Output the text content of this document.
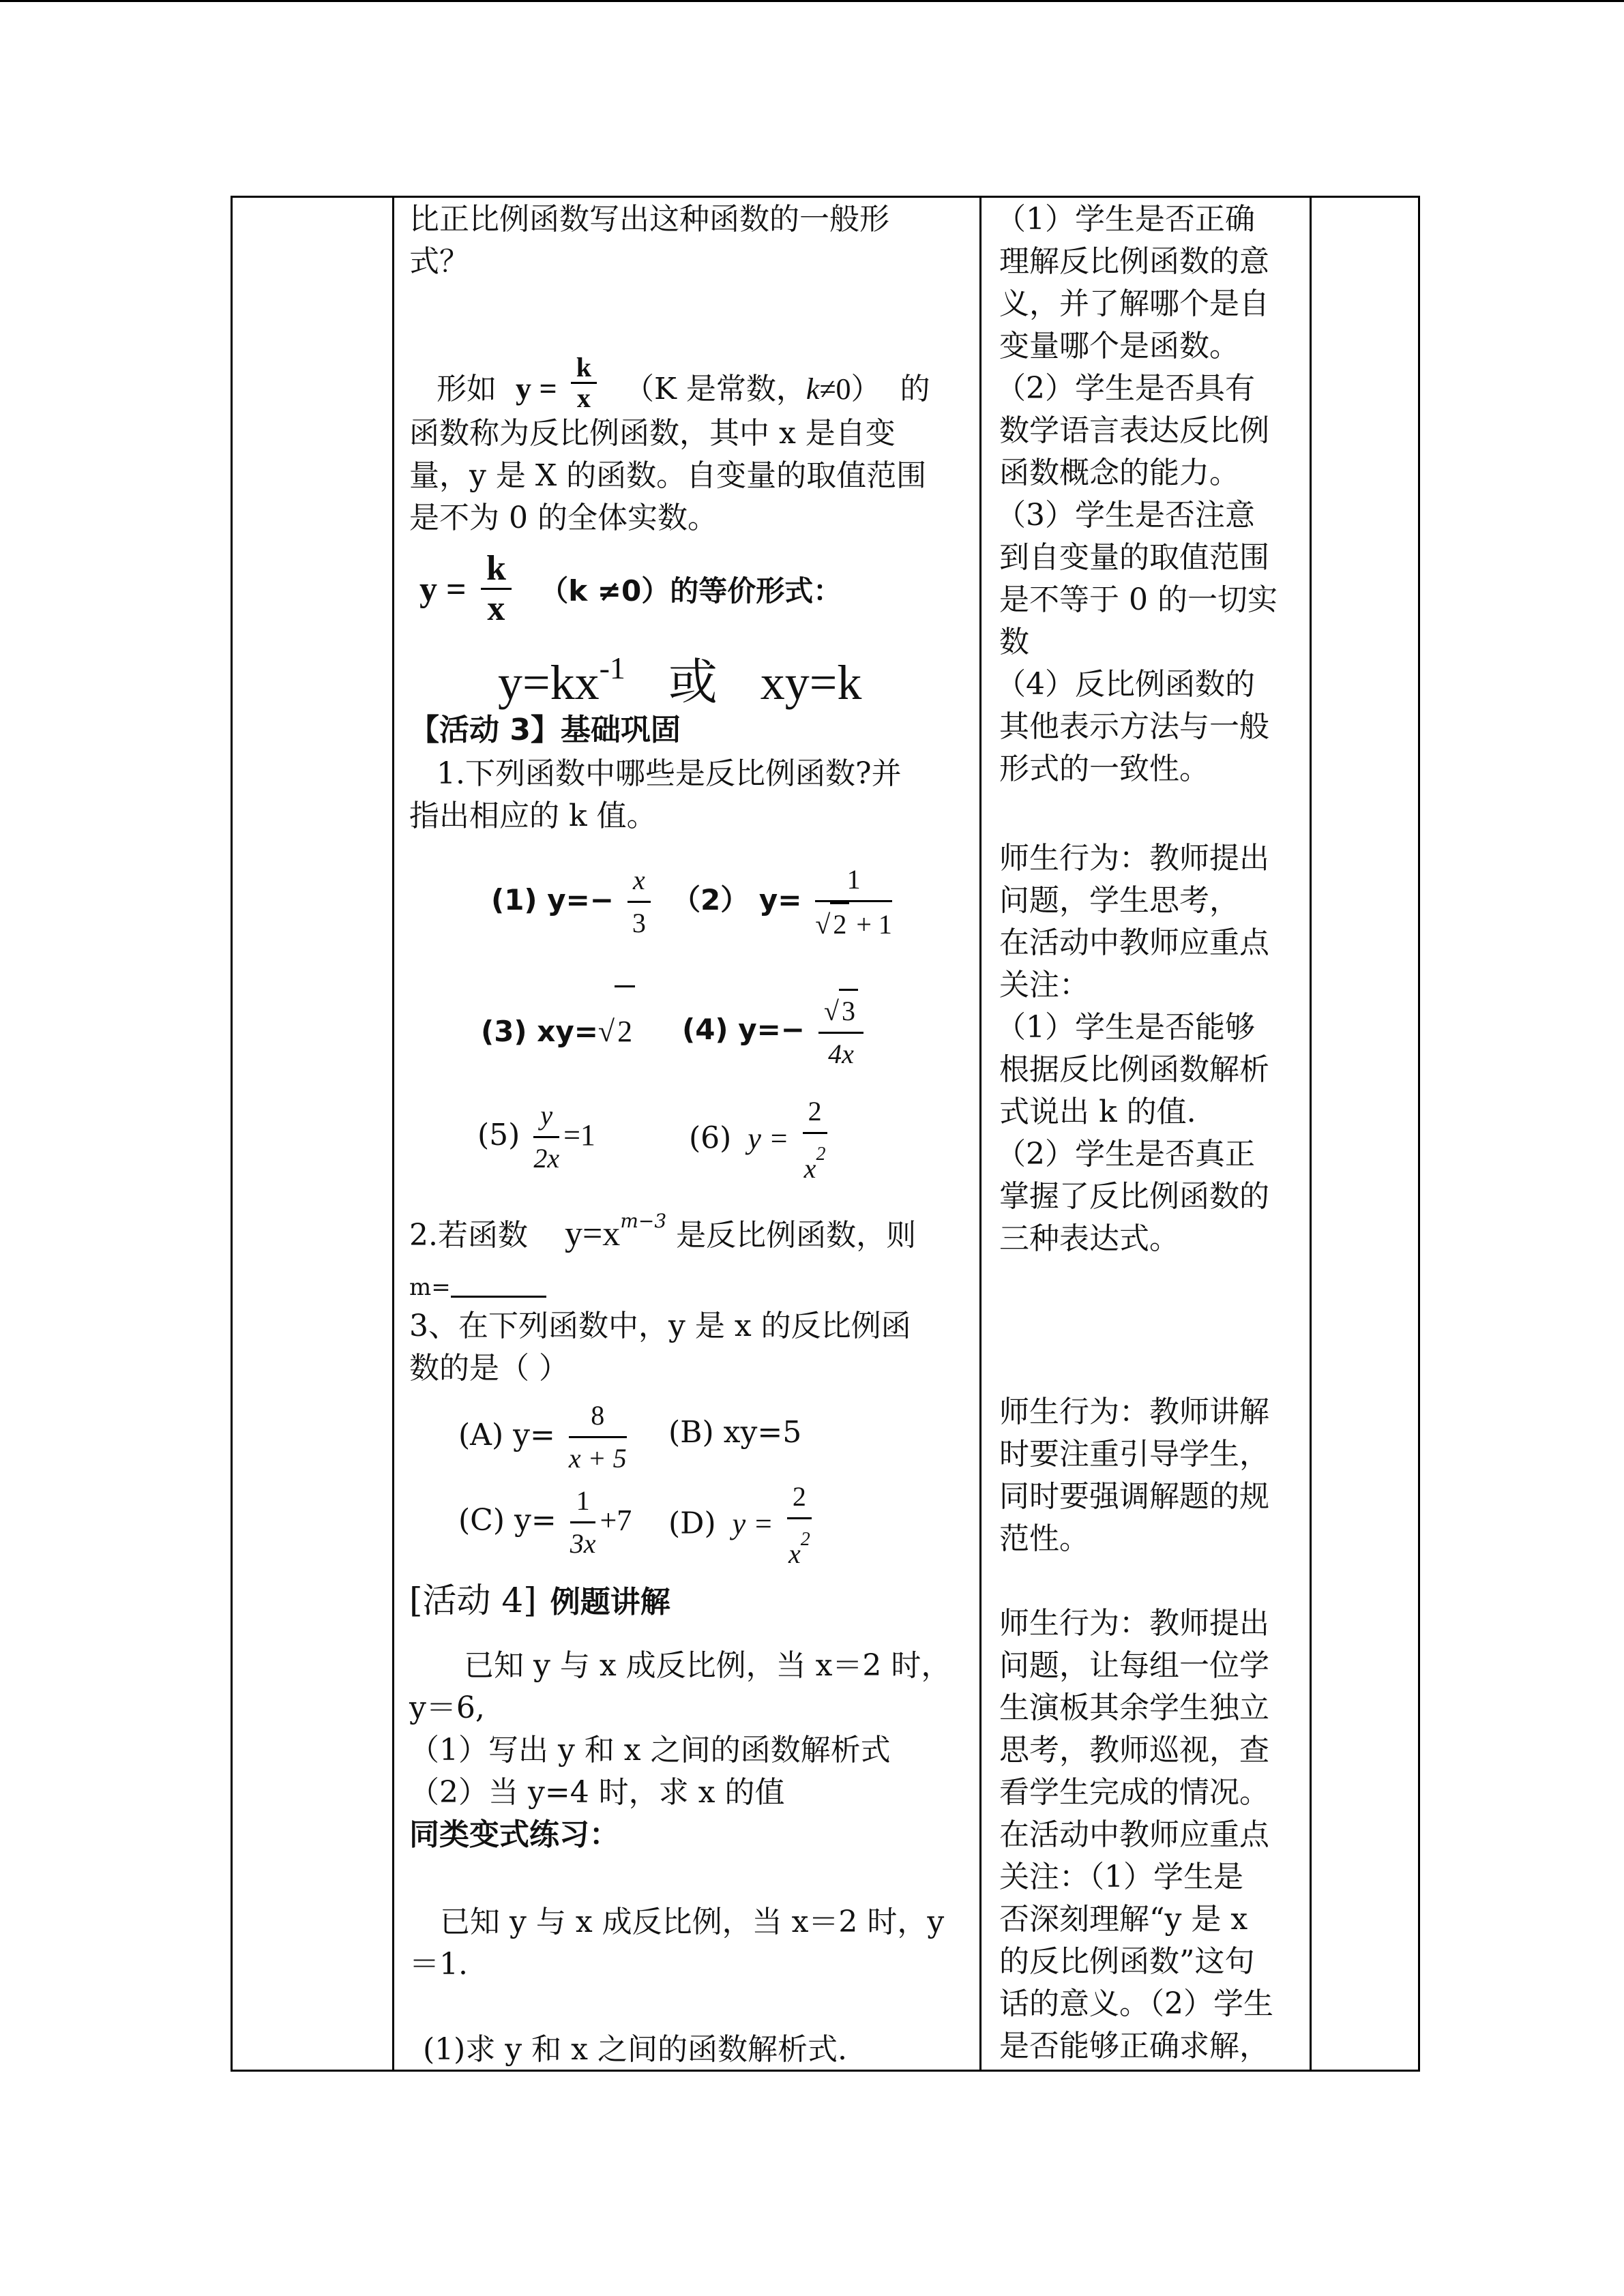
比正比例函数写出这种函数的一般形
式？
形如 $y = \frac{k}{x} (K$ 是常数，k≠0） 的
函数称为反比例函数，其中 x 是自变
量，y 是 X 的函数。自变量的取值范围
是不为 0 的全体实数。
$y = \frac{k}{x} (k \ne 0)$的等价形式：
$y=kx^{-1}$ 或 xy=k
【活动 3】基础巩固
1.下列函数中哪些是反比例函数?并
指出相应的 k 值。
(1) $y=- \frac{x}{3} (2)$ $y= \frac{1}{√ 2 + 1}$
(3) xy=√2 (4) $y=- \frac{√ 3}{4x}$
$(5) \frac{y}{2x} =1$	(6) $y = \frac{2}{x^2}$
2.若函数 $y=x^{m-3}$ 是反比例函数，则
m=
3、在下列函数中，y 是 x 的反比例函
数的是（ ）
(A) $y= \frac{8}{x + 5} (B)$ xy=5
(C) $y= \frac{1}{3x} +7$ (D) $y = \frac{2}{x^2}$
[活动 4] 例题讲解
已知 y 与 x 成反比例，当 x＝2 时，
y＝6,
（1）写出 y 和 x 之间的函数解析式
（2）当 y=4 时，求 x 的值
同类变式练习：
已知 y 与 x 成反比例，当 x＝2 时，y
＝1.
(1)求 y 和 x 之间的函数解析式.
（1）学生是否正确
理解反比例函数的意
义，并了解哪个是自
变量哪个是函数。
（2）学生是否具有
数学语言表达反比例
函数概念的能力。
（3）学生是否注意
到自变量的取值范围
是不等于 0 的一切实
数
（4）反比例函数的
其他表示方法与一般
形式的一致性。
师生行为：教师提出
问题，学生思考，
在活动中教师应重点
关注：
（1）学生是否能够
根据反比例函数解析
式说出 k 的值.
（2）学生是否真正
掌握了反比例函数的
三种表达式。
师生行为：教师讲解
时要注重引导学生，
同时要强调解题的规
范性。
师生行为：教师提出
问题，让每组一位学
生演板其余学生独立
思考，教师巡视，查
看学生完成的情况。
在活动中教师应重点
关注：（1）学生是
否深刻理解“y 是 x
的反比例函数”这句
话的意义。（2）学生
是否能够正确求解，
